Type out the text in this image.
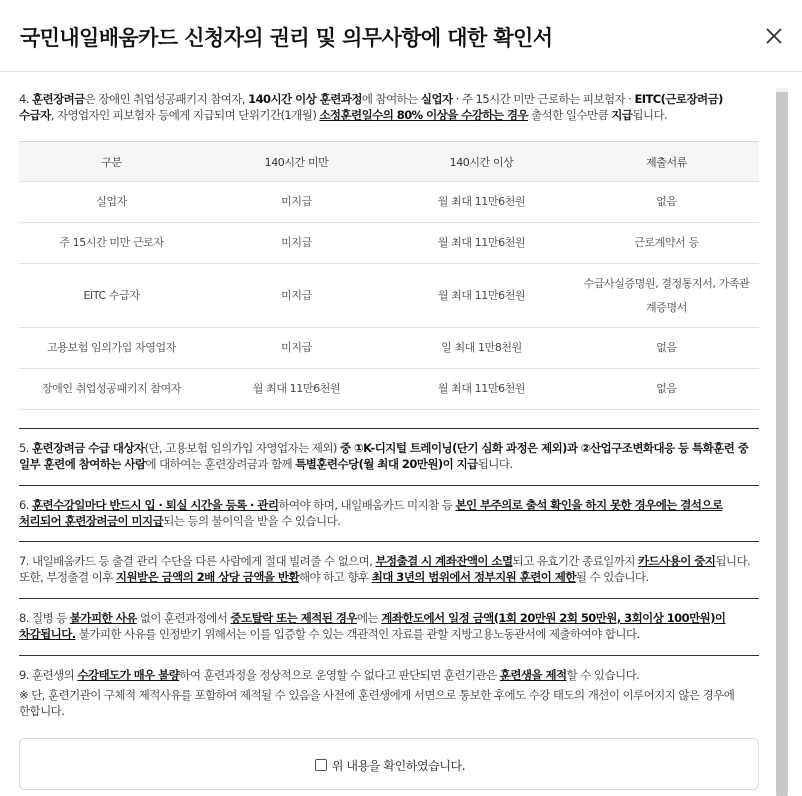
국민내일배움카드 신청자의 권리 및 의무사항에 대한 확인서

4. 훈련장려금은 장애인 취업성공패키지 참여자, 140시간 이상 훈련과정에 참여하는 실업자 · 주 15시간 미만 근로하는 피보험자 · EITC(근로장려금) 수급자, 자영업자인 피보험자 등에게 지급되며 단위기간(1개월) 소정훈련일수의 80% 이상을 수강하는 경우 출석한 일수만큼 지급됩니다.

구분	140시간 미만	140시간 이상	제출서류
실업자	미지급	월 최대 11만6천원	없음
주 15시간 미만 근로자	미지급	월 최대 11만6천원	근로계약서 등
EITC 수급자	미지급	월 최대 11만6천원	수급사실증명원, 결정통지서, 가족관계증명서
고용보험 임의가입 자영업자	미지급	일 최대 1만8천원	없음
장애인 취업성공패키지 참여자	월 최대 11만6천원	월 최대 11만6천원	없음

5. 훈련장려금 수급 대상자(단, 고용보험 임의가입 자영업자는 제외) 중 ①K-디지털 트레이닝(단기 심화 과정은 제외)과 ②산업구조변화대응 등 특화훈련 중 일부 훈련에 참여하는 사람에 대하여는 훈련장려금과 함께 특별훈련수당(월 최대 20만원)이 지급됩니다.

6. 훈련수강일마다 반드시 입 · 퇴실 시간을 등록 · 관리하여야 하며, 내일배움카드 미지참 등 본인 부주의로 출석 확인을 하지 못한 경우에는 결석으로 처리되어 훈련장려금이 미지급되는 등의 불이익을 받을 수 있습니다.

7. 내일배움카드 등 출결 관리 수단을 다른 사람에게 절대 빌려줄 수 없으며, 부정출결 시 계좌잔액이 소멸되고 유효기간 종료일까지 카드사용이 중지됩니다. 또한, 부정출결 이후 지원받은 금액의 2배 상당 금액을 반환해야 하고 향후 최대 3년의 범위에서 정부지원 훈련이 제한될 수 있습니다.

8. 질병 등 불가피한 사유 없이 훈련과정에서 중도탈락 또는 제적된 경우에는 계좌한도에서 일정 금액(1회 20만원 2회 50만원, 3회이상 100만원)이 차감됩니다. 불가피한 사유를 인정받기 위해서는 이를 입증할 수 있는 객관적인 자료를 관할 지방고용노동관서에 제출하여야 합니다.

9. 훈련생의 수강태도가 매우 불량하여 훈련과정을 정상적으로 운영할 수 없다고 판단되면 훈련기관은 훈련생을 제적할 수 있습니다.

※ 단, 훈련기관이 구체적 제적사유를 포함하여 제적될 수 있음을 사전에 훈련생에게 서면으로 통보한 후에도 수강 태도의 개선이 이루어지지 않은 경우에 한합니다.

위 내용을 확인하였습니다.
